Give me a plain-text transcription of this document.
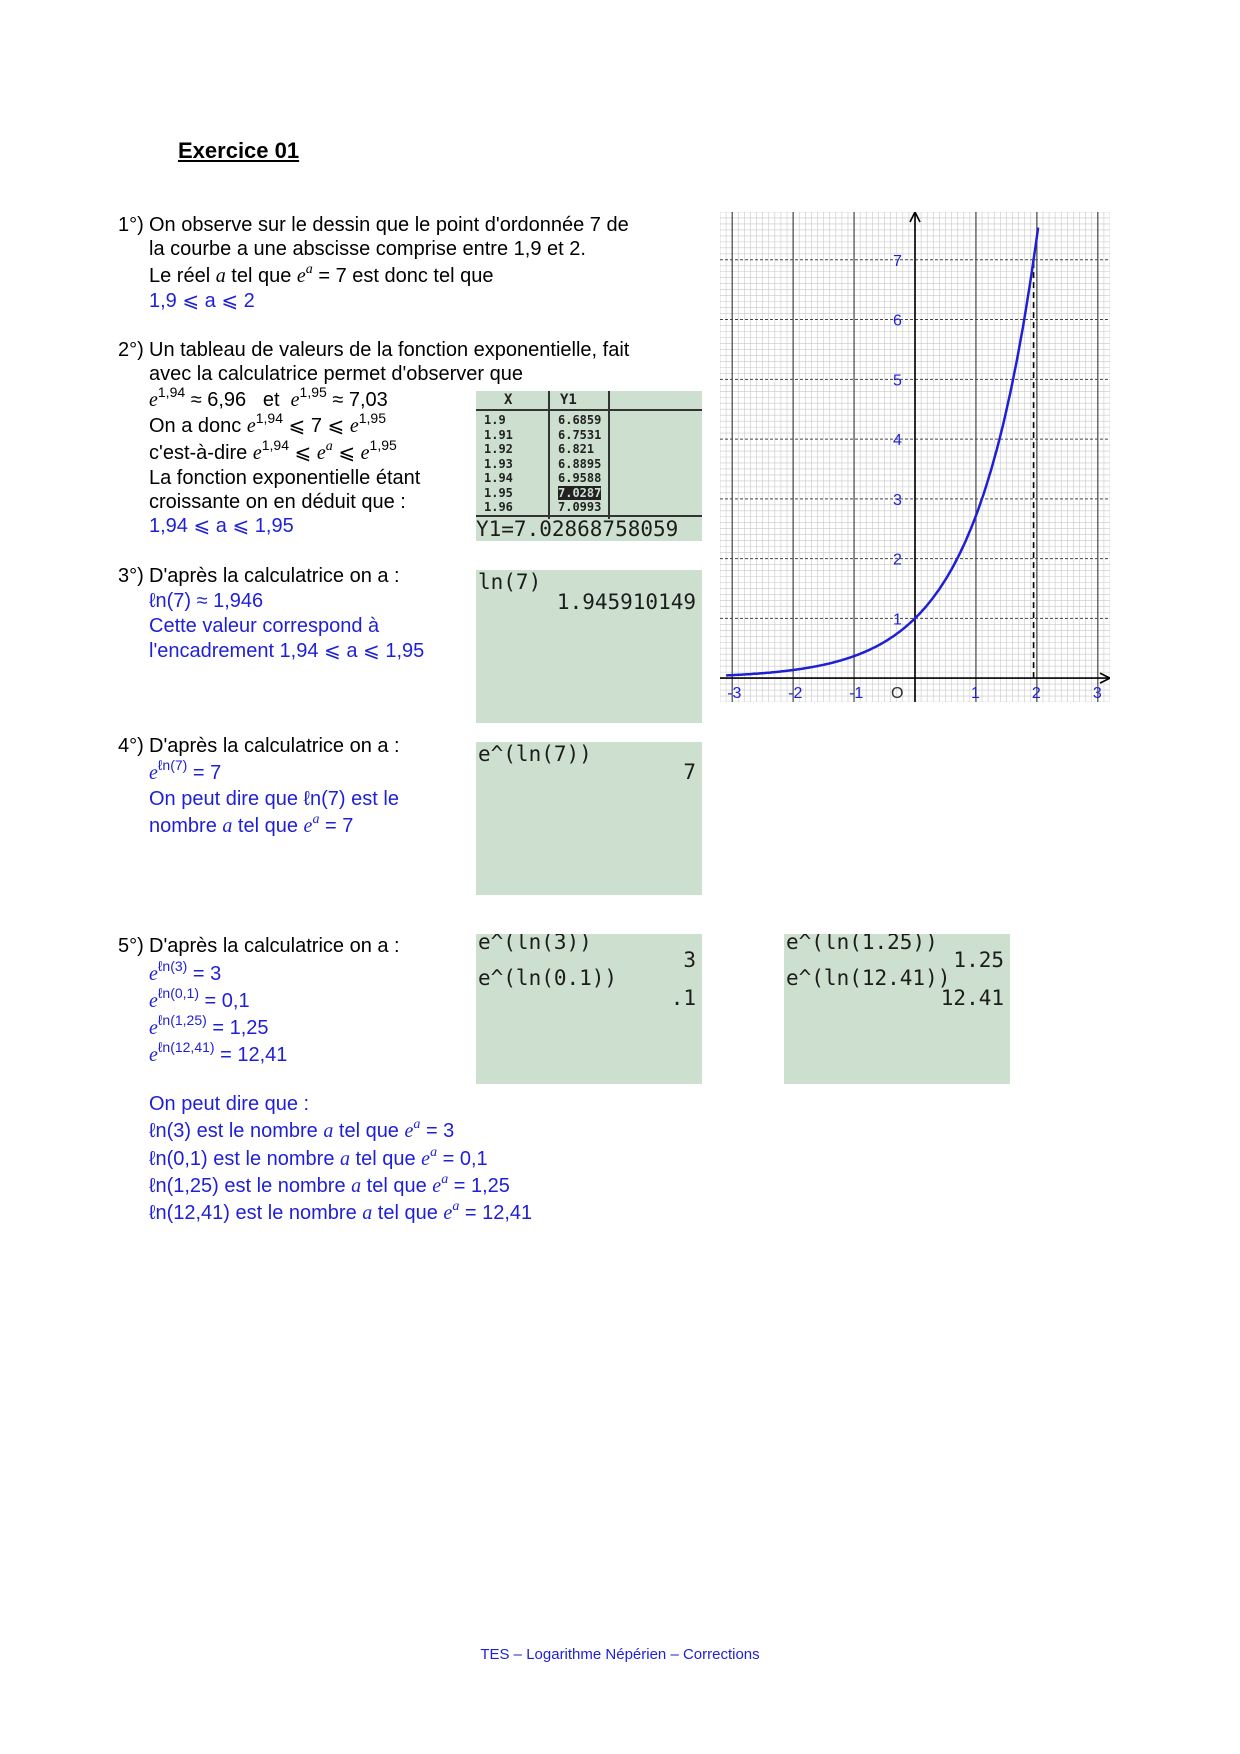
Exercice 01
1°) On observe sur le dessin que le point d'ordonnée 7 de
la courbe a une abscisse comprise entre 1,9 et 2.
Le réel a tel que $e^a = 7$ est donc tel que
1,9 ⩽ a ⩽ 2
2°) Un tableau de valeurs de la fonction exponentielle, fait
avec la calculatrice permet d'observer que
$e^{1,94} \approx 6,96$ et $e^{1,95} \approx 7,03$
On a donc $e^{1,94}$ ⩽ 7 ⩽ $e^{1,95}$
c'est-à-dire $e^{1,94}$ ⩽ $e^a$ ⩽ $e^{1,95}$
La fonction exponentielle étant
croissante on en déduit que :
1,94 ⩽ a ⩽ 1,95
X	Y1
1.9	6.6859
1.91	6.7531
1.92	6.821
1.93	6.8895
1.94	6.9588
1.95	7.0287
1.96	7.0993
Y1=7.02868758059
3°) D'après la calculatrice on a :
ℓn(7) ≈ 1,946
Cette valeur correspond à
l'encadrement 1,94 ⩽ a ⩽ 1,95
ln(7)
1.945910149
4°) D'après la calculatrice on a :
$e^{\ell n(7)} = 7$
On peut dire que ℓn(7) est le
nombre a tel que $e^a = 7$
e^(ln(7))
7
5°) D'après la calculatrice on a :
$e^{\ell n(3)} = 3$
$e^{\ell n(0,1)} = 0,1$
$e^{\ell n(1,25)} = 1,25$
$e^{\ell n(12,41)} = 12,41$
e^(ln(3))
3
e^(ln(0.1))
.1
e^(ln(1.25))
1.25
e^(ln(12.41))
12.41
On peut dire que :
ℓn(3) est le nombre a tel que $e^a = 3$
ℓn(0,1) est le nombre a tel que $e^a = 0,1$
ℓn(1,25) est le nombre a tel que $e^a = 1,25$
ℓn(12,41) est le nombre a tel que $e^a = 12,41$
-3	-2	-1 O	1	2	3
1
2
3
4
5
6
7
TES – Logarithme Népérien – Corrections
